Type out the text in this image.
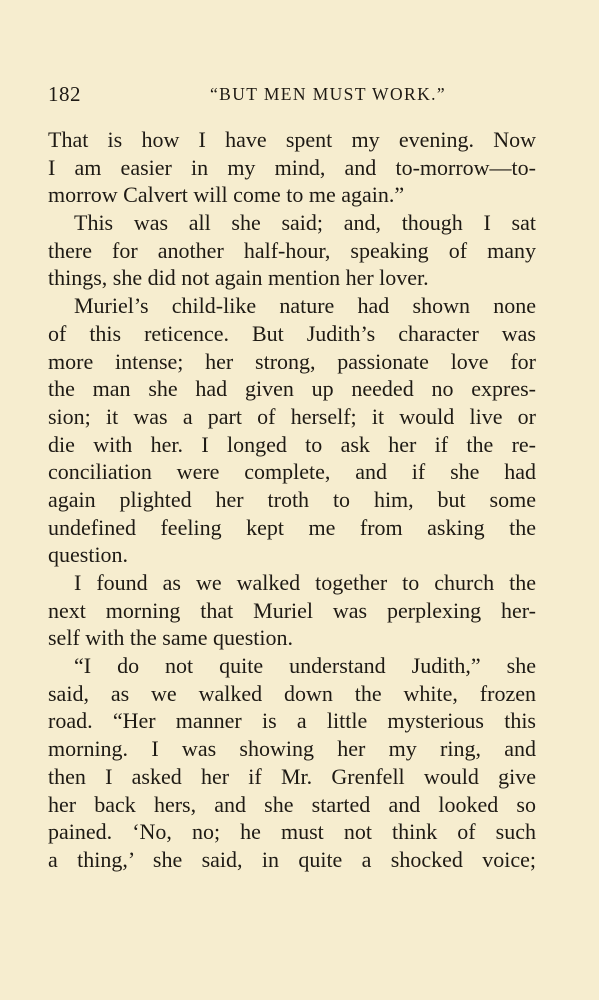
182	“BUT MEN MUST WORK.”
That is how I have spent my evening. Now
I am easier in my mind, and to-morrow—to-
morrow Calvert will come to me again.”
This was all she said; and, though I sat
there for another half-hour, speaking of many
things, she did not again mention her lover.
Muriel’s child-like nature had shown none
of this reticence. But Judith’s character was
more intense; her strong, passionate love for
the man she had given up needed no expres-
sion; it was a part of herself; it would live or
die with her. I longed to ask her if the re-
conciliation were complete, and if she had
again plighted her troth to him, but some
undefined feeling kept me from asking the
question.
I found as we walked together to church the
next morning that Muriel was perplexing her-
self with the same question.
“I do not quite understand Judith,” she
said, as we walked down the white, frozen
road. “Her manner is a little mysterious this
morning. I was showing her my ring, and
then I asked her if Mr. Grenfell would give
her back hers, and she started and looked so
pained. ‘No, no; he must not think of such
a thing,’ she said, in quite a shocked voice;
